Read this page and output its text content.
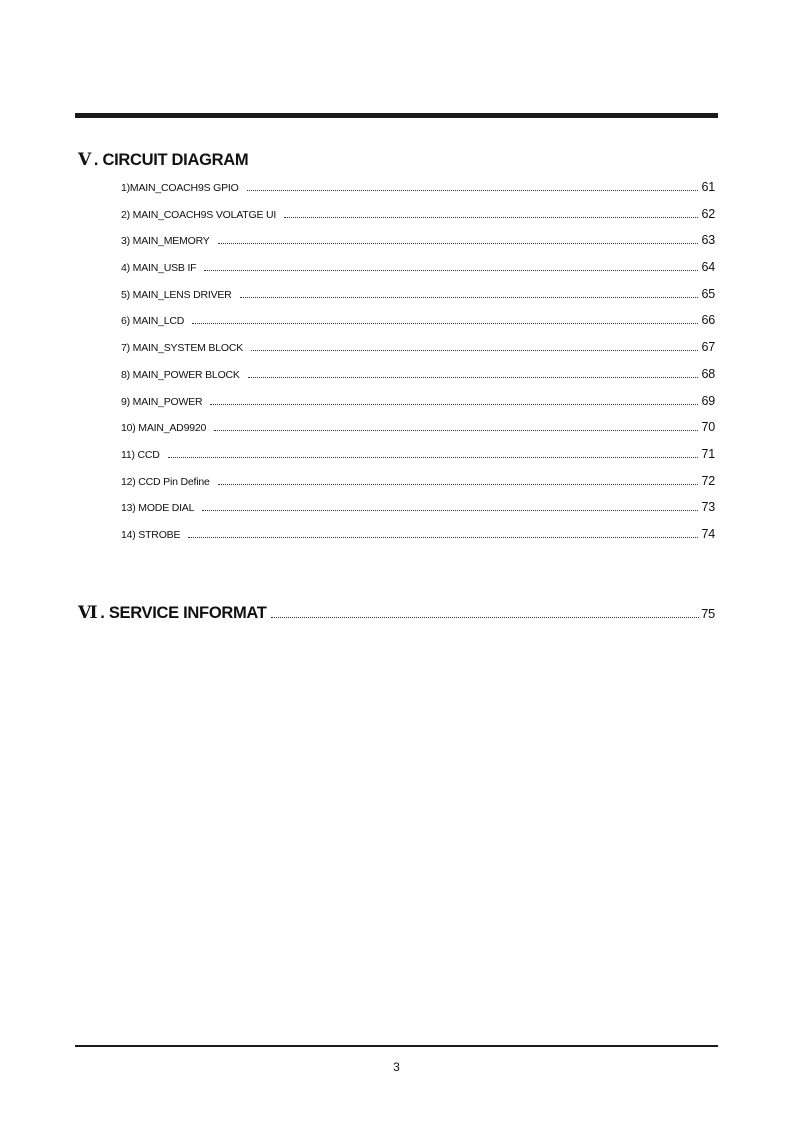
Ⅴ . CIRCUIT DIAGRAM
1)MAIN_COACH9S GPIO	61
2) MAIN_COACH9S VOLATGE UI	62
3) MAIN_MEMORY	63
4) MAIN_USB IF	64
5) MAIN_LENS DRIVER	65
6) MAIN_LCD	66
7) MAIN_SYSTEM BLOCK	67
8) MAIN_POWER BLOCK	68
9) MAIN_POWER	69
10) MAIN_AD9920	70
11) CCD	71
12) CCD Pin Define	72
13) MODE DIAL	73
14) STROBE	74
Ⅵ . SERVICE INFORMAT	75
3
